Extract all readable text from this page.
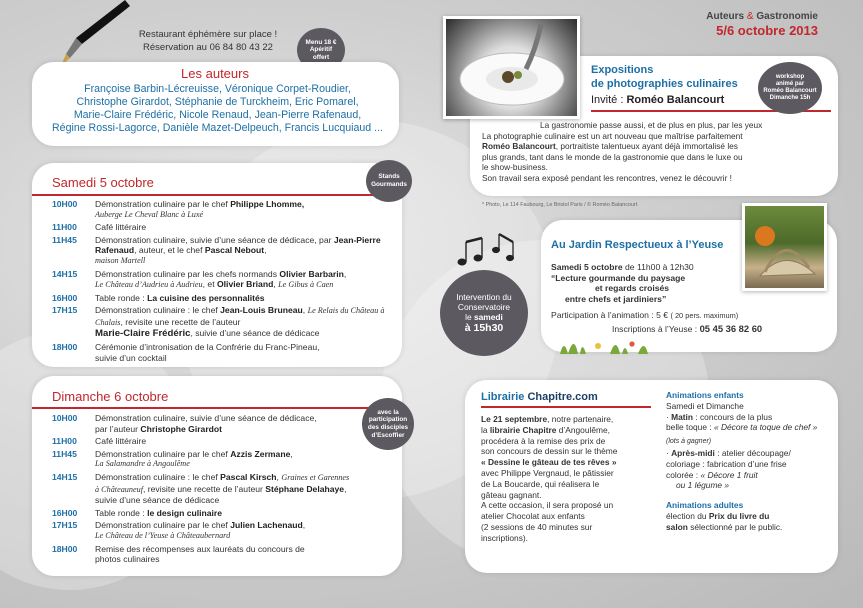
Auteurs & Gastronomie
5/6 octobre 2013
Restaurant éphémère sur place !
Réservation au 06 84 80 43 22	Menu 18 €
Apéritif
offert
Les auteurs
Françoise Barbin-Lécreuisse, Véronique Corpet-Roudier,
Christophe Girardot, Stéphanie de Turckheim, Eric Pomarel,
Marie-Claire Frédéric, Nicole Renaud, Jean-Pierre Rafenaud,
Régine Rossi-Lagorce, Danièle Mazet-Delpeuch, Francis Lucquiaud ...
Samedi 5 octobre	Stands
Gourmands
10H00	Démonstration culinaire par le chef Philippe Lhomme,
Auberge Le Cheval Blanc à Luxé
11H00	Café littéraire
11H45	Démonstration culinaire, suivie d’une séance de dédicace, par Jean-Pierre Rafenaud, auteur, et le chef Pascal Nebout,
maison Martell
14H15	Démonstration culinaire par les chefs normands Olivier Barbarin,
Le Château d’Audrieu à Audrieu, et Olivier Briand, Le Gibus à Caen
16H00	Table ronde : La cuisine des personnalités
17H15	Démonstration culinaire : le chef Jean-Louis Bruneau, Le Relais du Château à Chalais, revisite une recette de l’auteur
Marie-Claire Frédéric, suivie d’une séance de dédicace
18H00	Cérémonie d’intronisation de la Confrérie du Franc-Pineau,
suivie d’un cocktail
Dimanche 6 octobre
avec la
participation
des disciples
d’Escoffier
10H00	Démonstration culinaire, suivie d’une séance de dédicace,
par l’auteur Christophe Girardot
11H00	Café littéraire
11H45	Démonstration culinaire par le chef Azzis Zermane,
La Salamandre à Angoulême
14H15	Démonstration culinaire : le chef Pascal Kirsch, Graines et Garennes
à Châteauneuf, revisite une recette de l’auteur Stéphane Delahaye,
suivie d’une séance de dédicace
16H00	Table ronde : le design culinaire
17H15	Démonstration culinaire par le chef Julien Lachenaud,
Le Château de l’Yeuse à Châteaubernard
18H00	Remise des récompenses aux lauréats du concours de
photos culinaires
Expositions
de photographies culinaires
Invité : Roméo Balancourt
workshop
animé par
Roméo Balancourt
Dimanche 15h
La gastronomie passe aussi, et de plus en plus, par les yeux
La photographie culinaire est un art nouveau que maîtrise parfaitement
Roméo Balancourt, portraitiste talentueux ayant déjà immortalisé les
plus grands, tant dans le monde de la gastronomie que dans le luxe ou
le show-business.
Son travail sera exposé pendant les rencontres, venez le découvrir !
* Photo, Le 114 Faubourg, Le Bristol Paris / © Roméo Balancourt
Intervention du
Conservatoire
le samedi
à 15h30
Au Jardin Respectueux à l’Yeuse
Samedi 5 octobre de 11h00 à 12h30
“Lecture gourmande du paysage
et regards croisés
entre chefs et jardiniers”
Participation à l’animation : 5 € ( 20 pers. maximum)
Inscriptions à l’Yeuse : 05 45 36 82 60
Librairie Chapitre.com
Le 21 septembre, notre partenaire,
la librairie Chapitre d’Angoulême,
procédera à la remise des prix de
son concours de dessin sur le thème
« Dessine le gâteau de tes rêves »
avec Philippe Vergnaud, le pâtissier
de La Boucarde, qui réalisera le
gâteau gagnant.
A cette occasion, il sera proposé un
atelier Chocolat aux enfants
(2 sessions de 40 minutes sur
inscriptions).
Animations enfants
Samedi et Dimanche
· Matin : concours de la plus
belle toque : « Décore ta toque de chef » (lots à gagner)
· Après-midi : atelier découpage/
coloriage : fabrication d’une frise
colorée : « Décore 1 fruit
ou 1 légume »
Animations adultes
élection du Prix du livre du
salon sélectionné par le public.
